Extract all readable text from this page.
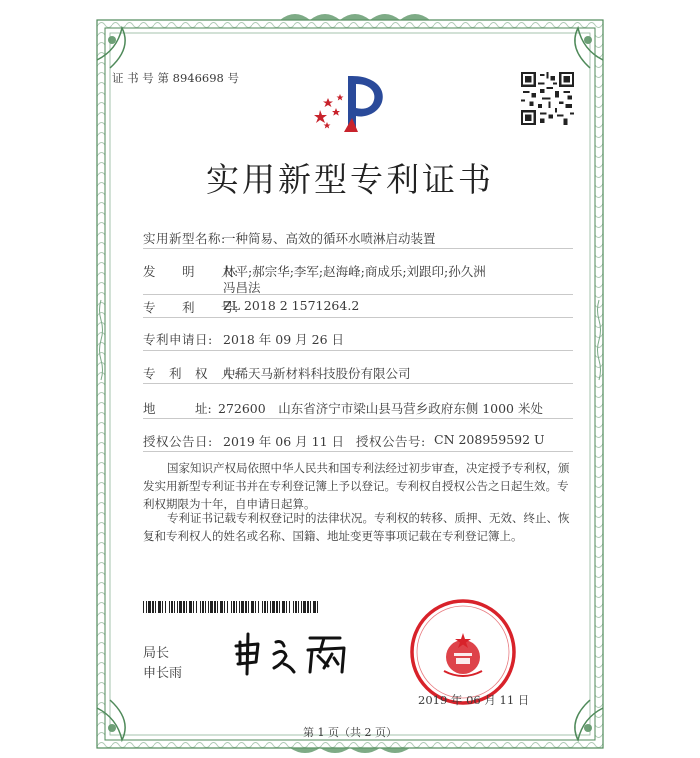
证 书 号 第 8946698 号
实用新型专利证书
实用新型名称:
一种简易、高效的循环水喷淋启动装置
发　　明　　人:
林平;郝宗华;李军;赵海峰;商成乐;刘跟印;孙久洲
冯昌法
专　　利　　号:
ZL 2018 2 1571264.2
专利申请日: 2018 年 09 月 26 日
专　利　权　人:
中稀天马新材料科技股份有限公司
地	址: 272600　山东省济宁市梁山县马营乡政府东侧 1000 米处
授权公告日: 2019 年 06 月 11 日 授权公告号: CN 208959592 U
国家知识产权局依照中华人民共和国专利法经过初步审查，决定授予专利权，颁发实用新型专利证书并在专利登记簿上予以登记。专利权自授权公告之日起生效。专利权期限为十年，自申请日起算。
专利证书记载专利权登记时的法律状况。专利权的转移、质押、无效、终止、恢复和专利权人的姓名或名称、国籍、地址变更等事项记载在专利登记簿上。
局长
申长雨
2019 年 06 月 11 日
第 1 页（共 2 页）
